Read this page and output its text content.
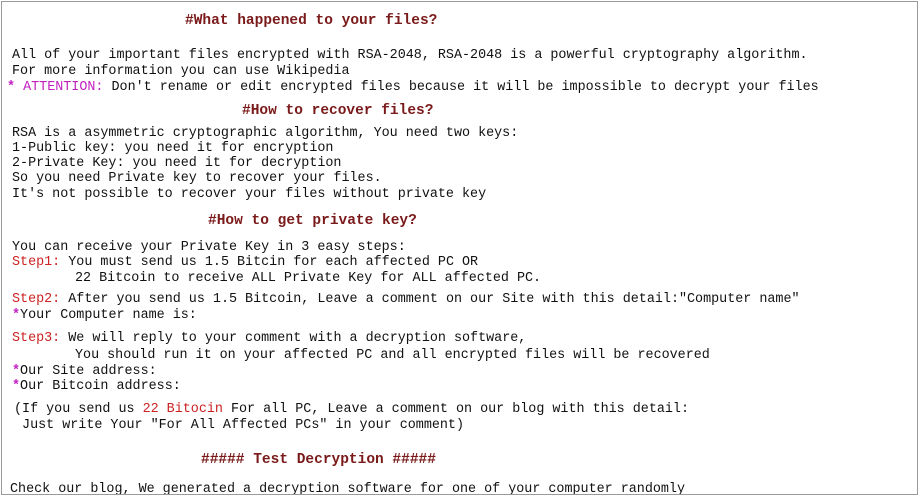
#What happened to your files?
All of your important files encrypted with RSA-2048, RSA-2048 is a powerful cryptography algorithm.
For more information you can use Wikipedia
* ATTENTION: Don't rename or edit encrypted files because it will be impossible to decrypt your files
#How to recover files?
RSA is a asymmetric cryptographic algorithm, You need two keys:
1-Public key: you need it for encryption
2-Private Key: you need it for decryption
So you need Private key to recover your files.
It's not possible to recover your files without private key
#How to get private key?
You can receive your Private Key in 3 easy steps:
Step1: You must send us 1.5 Bitcin for each affected PC OR
22 Bitcoin to receive ALL Private Key for ALL affected PC.
Step2: After you send us 1.5 Bitcoin, Leave a comment on our Site with this detail:"Computer name"
*Your Computer name is:
Step3: We will reply to your comment with a decryption software,
You should run it on your affected PC and all encrypted files will be recovered
*Our Site address:
*Our Bitcoin address:
(If you send us 22 Bitocin For all PC, Leave a comment on our blog with this detail:
Just write Your "For All Affected PCs" in your comment)
##### Test Decryption #####
Check our blog, We generated a decryption software for one of your computer randomly
